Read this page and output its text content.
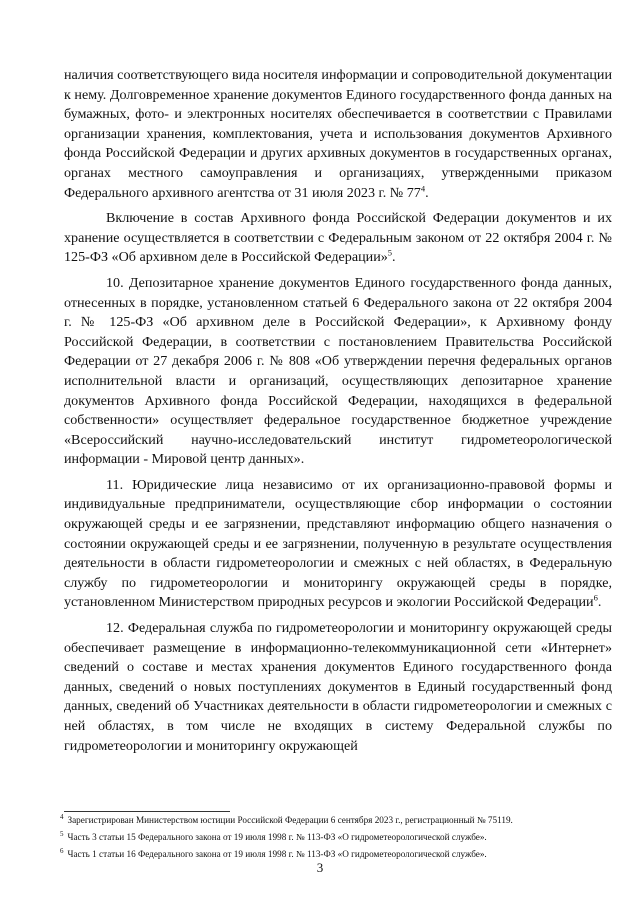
наличия соответствующего вида носителя информации и сопроводительной документации к нему. Долговременное хранение документов Единого государственного фонда данных на бумажных, фото- и электронных носителях обеспечивается в соответствии с Правилами организации хранения, комплектования, учета и использования документов Архивного фонда Российской Федерации и других архивных документов в государственных органах, органах местного самоуправления и организациях, утвержденными приказом Федерального архивного агентства от 31 июля 2023 г. № $77^4$.

Включение в состав Архивного фонда Российской Федерации документов и их хранение осуществляется в соответствии с Федеральным законом от 22 октября 2004 г. № 125-ФЗ «Об архивном деле в Российской Федерации»$^5$.

10. Депозитарное хранение документов Единого государственного фонда данных, отнесенных в порядке, установленном статьей 6 Федерального закона от 22 октября 2004 г. № 125-ФЗ «Об архивном деле в Российской Федерации», к Архивному фонду Российской Федерации, в соответствии с постановлением Правительства Российской Федерации от 27 декабря 2006 г. № 808 «Об утверждении перечня федеральных органов исполнительной власти и организаций, осуществляющих депозитарное хранение документов Архивного фонда Российской Федерации, находящихся в федеральной собственности» осуществляет федеральное государственное бюджетное учреждение «Всероссийский научно-исследовательский институт гидрометеорологической информации - Мировой центр данных».

11. Юридические лица независимо от их организационно-правовой формы и индивидуальные предприниматели, осуществляющие сбор информации о состоянии окружающей среды и ее загрязнении, представляют информацию общего назначения о состоянии окружающей среды и ее загрязнении, полученную в результате осуществления деятельности в области гидрометеорологии и смежных с ней областях, в Федеральную службу по гидрометеорологии и мониторингу окружающей среды в порядке, установленном Министерством природных ресурсов и экологии Российской Федерации$^6$.

12. Федеральная служба по гидрометеорологии и мониторингу окружающей среды обеспечивает размещение в информационно-телекоммуникационной сети «Интернет» сведений о составе и местах хранения документов Единого государственного фонда данных, сведений о новых поступлениях документов в Единый государственный фонд данных, сведений об Участниках деятельности в области гидрометеорологии и смежных с ней областях, в том числе не входящих в систему Федеральной службы по гидрометеорологии и мониторингу окружающей

$^4$ Зарегистрирован Министерством юстиции Российской Федерации 6 сентября 2023 г., регистрационный № 75119.
$^5$ Часть 3 статьи 15 Федерального закона от 19 июля 1998 г. № 113-ФЗ «О гидрометеорологической службе».
$^6$ Часть 1 статьи 16 Федерального закона от 19 июля 1998 г. № 113-ФЗ «О гидрометеорологической службе».
3
